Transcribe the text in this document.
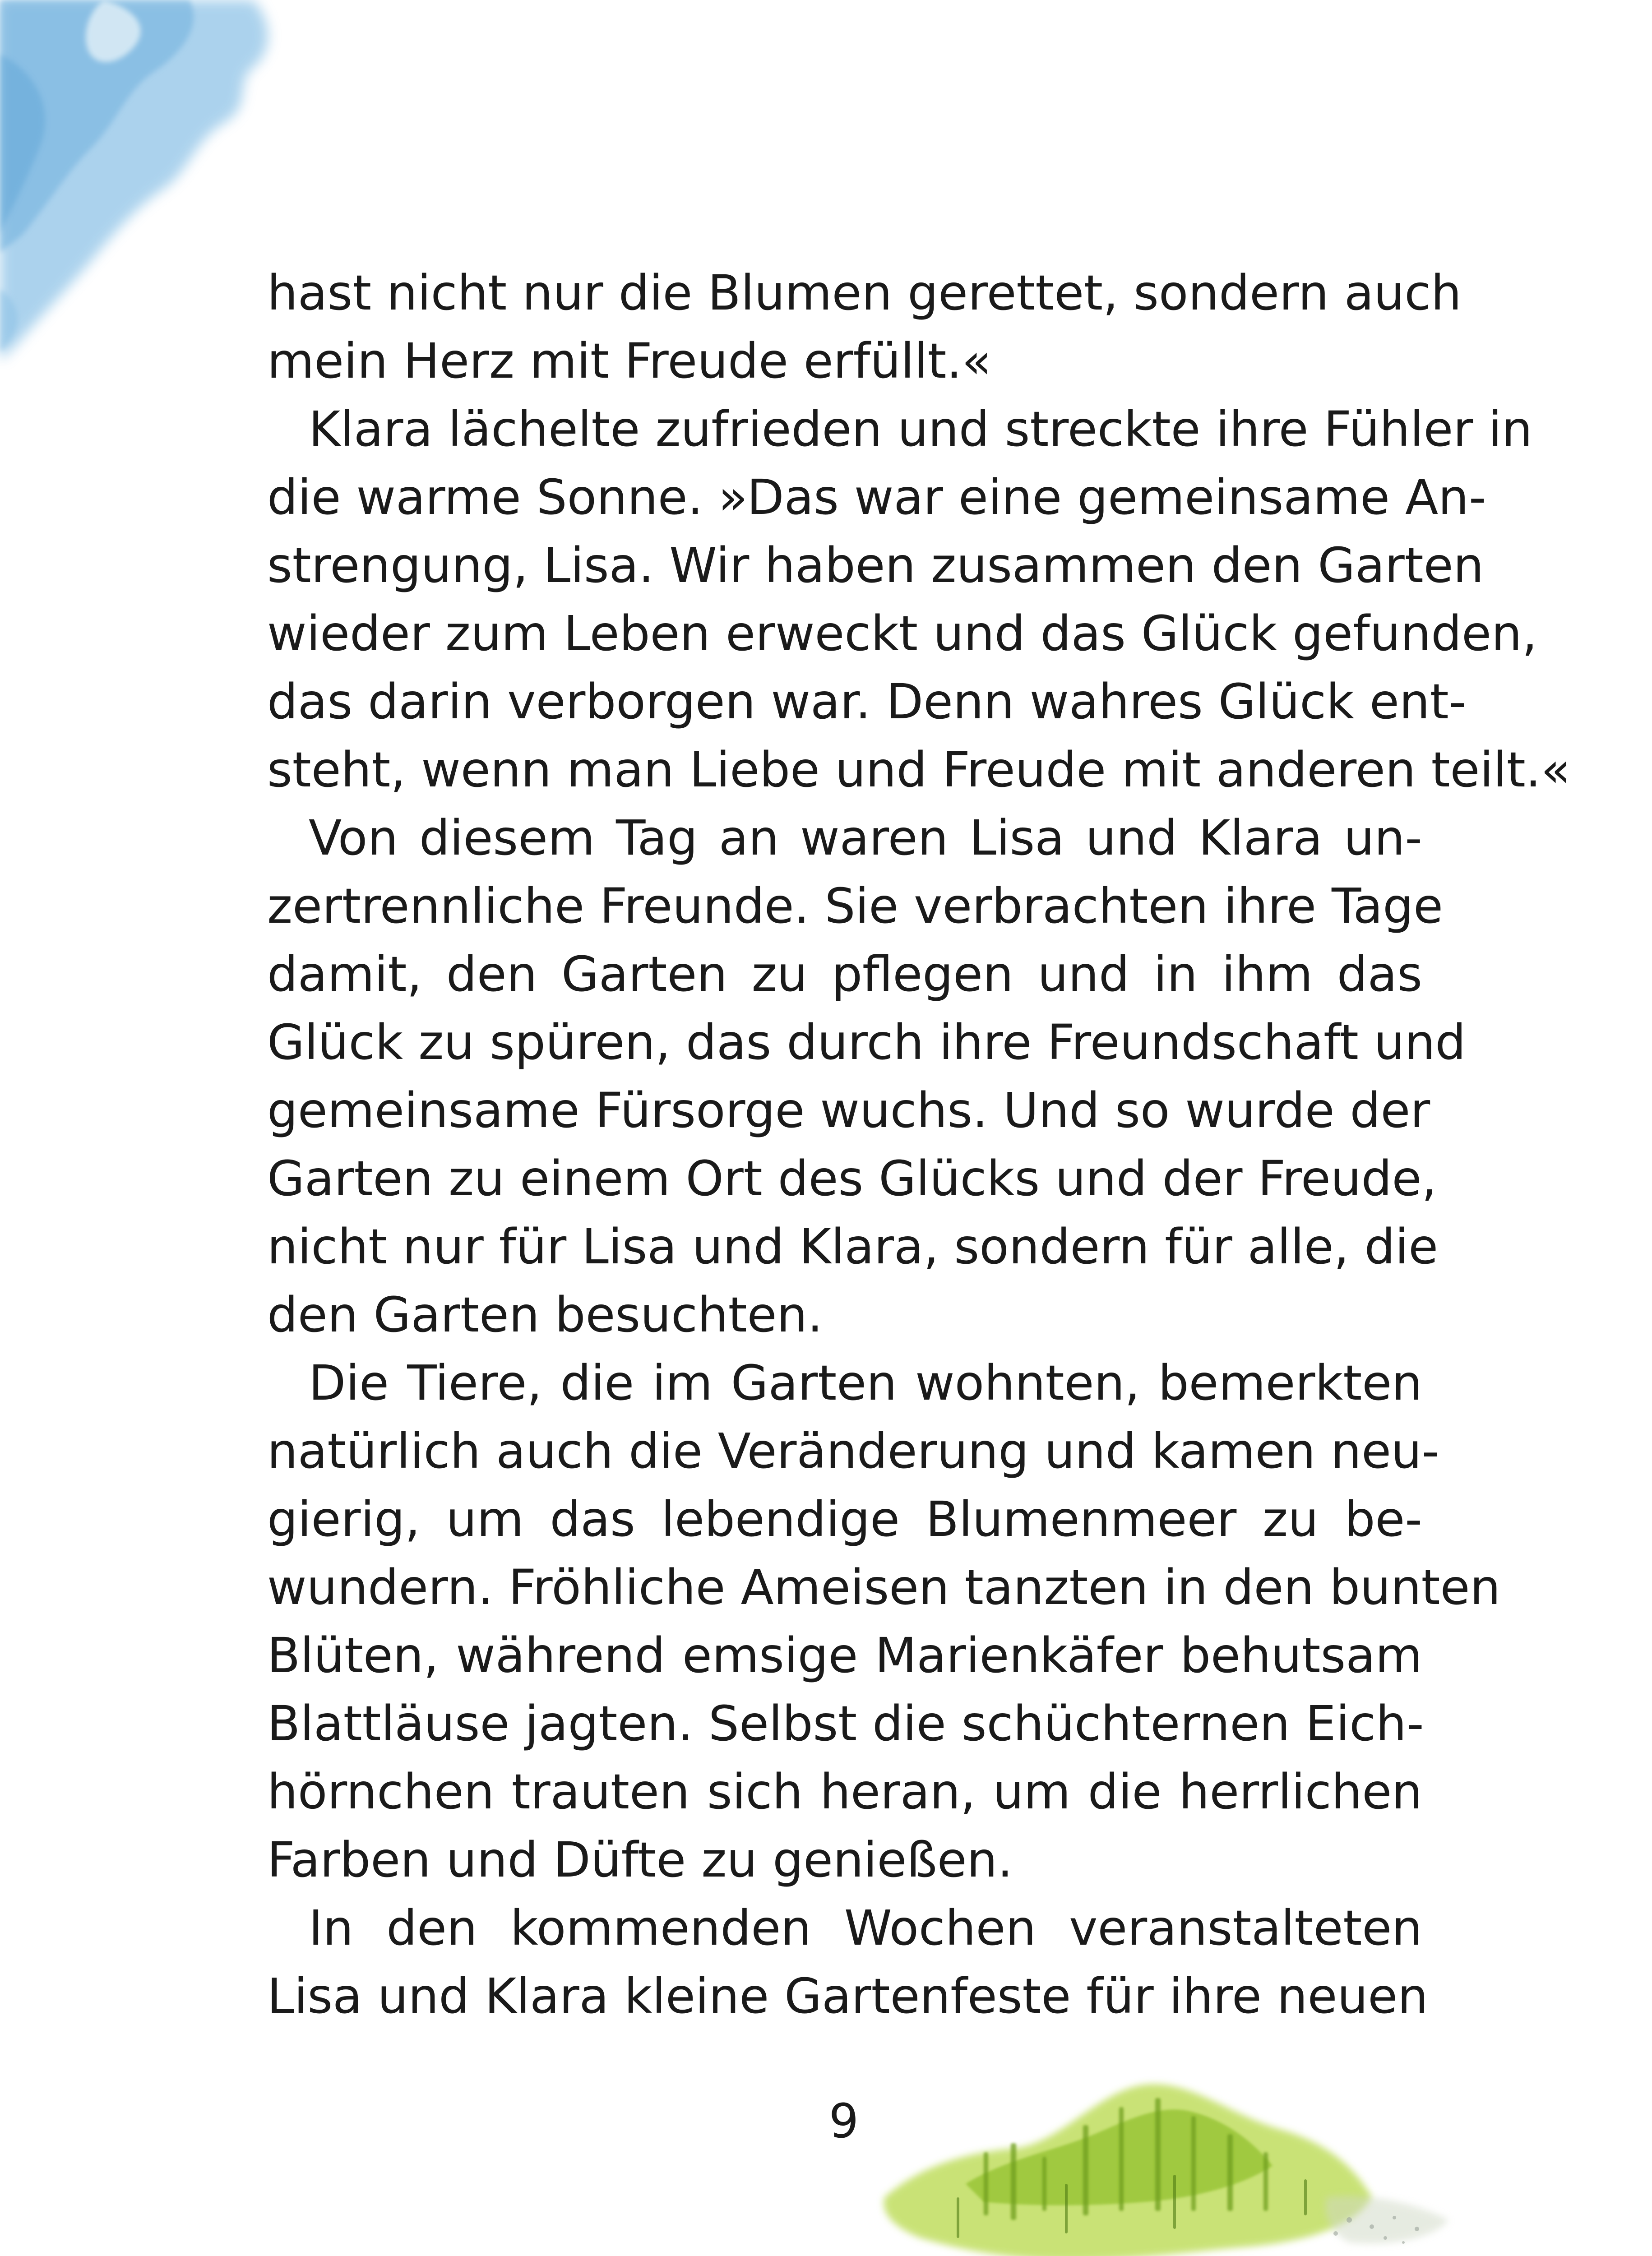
hast nicht nur die Blumen gerettet, sondern auch
mein Herz mit Freude erfüllt.«
Klara lächelte zufrieden und streckte ihre Fühler in
die warme Sonne. »Das war eine gemeinsame An-
strengung, Lisa. Wir haben zusammen den Garten
wieder zum Leben erweckt und das Glück gefunden,
das darin verborgen war. Denn wahres Glück ent-
steht, wenn man Liebe und Freude mit anderen teilt.«
Von diesem Tag an waren Lisa und Klara un-
zertrennliche Freunde. Sie verbrachten ihre Tage
damit, den Garten zu pflegen und in ihm das
Glück zu spüren, das durch ihre Freundschaft und
gemeinsame Fürsorge wuchs. Und so wurde der
Garten zu einem Ort des Glücks und der Freude,
nicht nur für Lisa und Klara, sondern für alle, die
den Garten besuchten.
Die Tiere, die im Garten wohnten, bemerkten
natürlich auch die Veränderung und kamen neu-
gierig, um das lebendige Blumenmeer zu be-
wundern. Fröhliche Ameisen tanzten in den bunten
Blüten, während emsige Marienkäfer behutsam
Blattläuse jagten. Selbst die schüchternen Eich-
hörnchen trauten sich heran, um die herrlichen
Farben und Düfte zu genießen.
In den kommenden Wochen veranstalteten
Lisa und Klara kleine Gartenfeste für ihre neuen
9
